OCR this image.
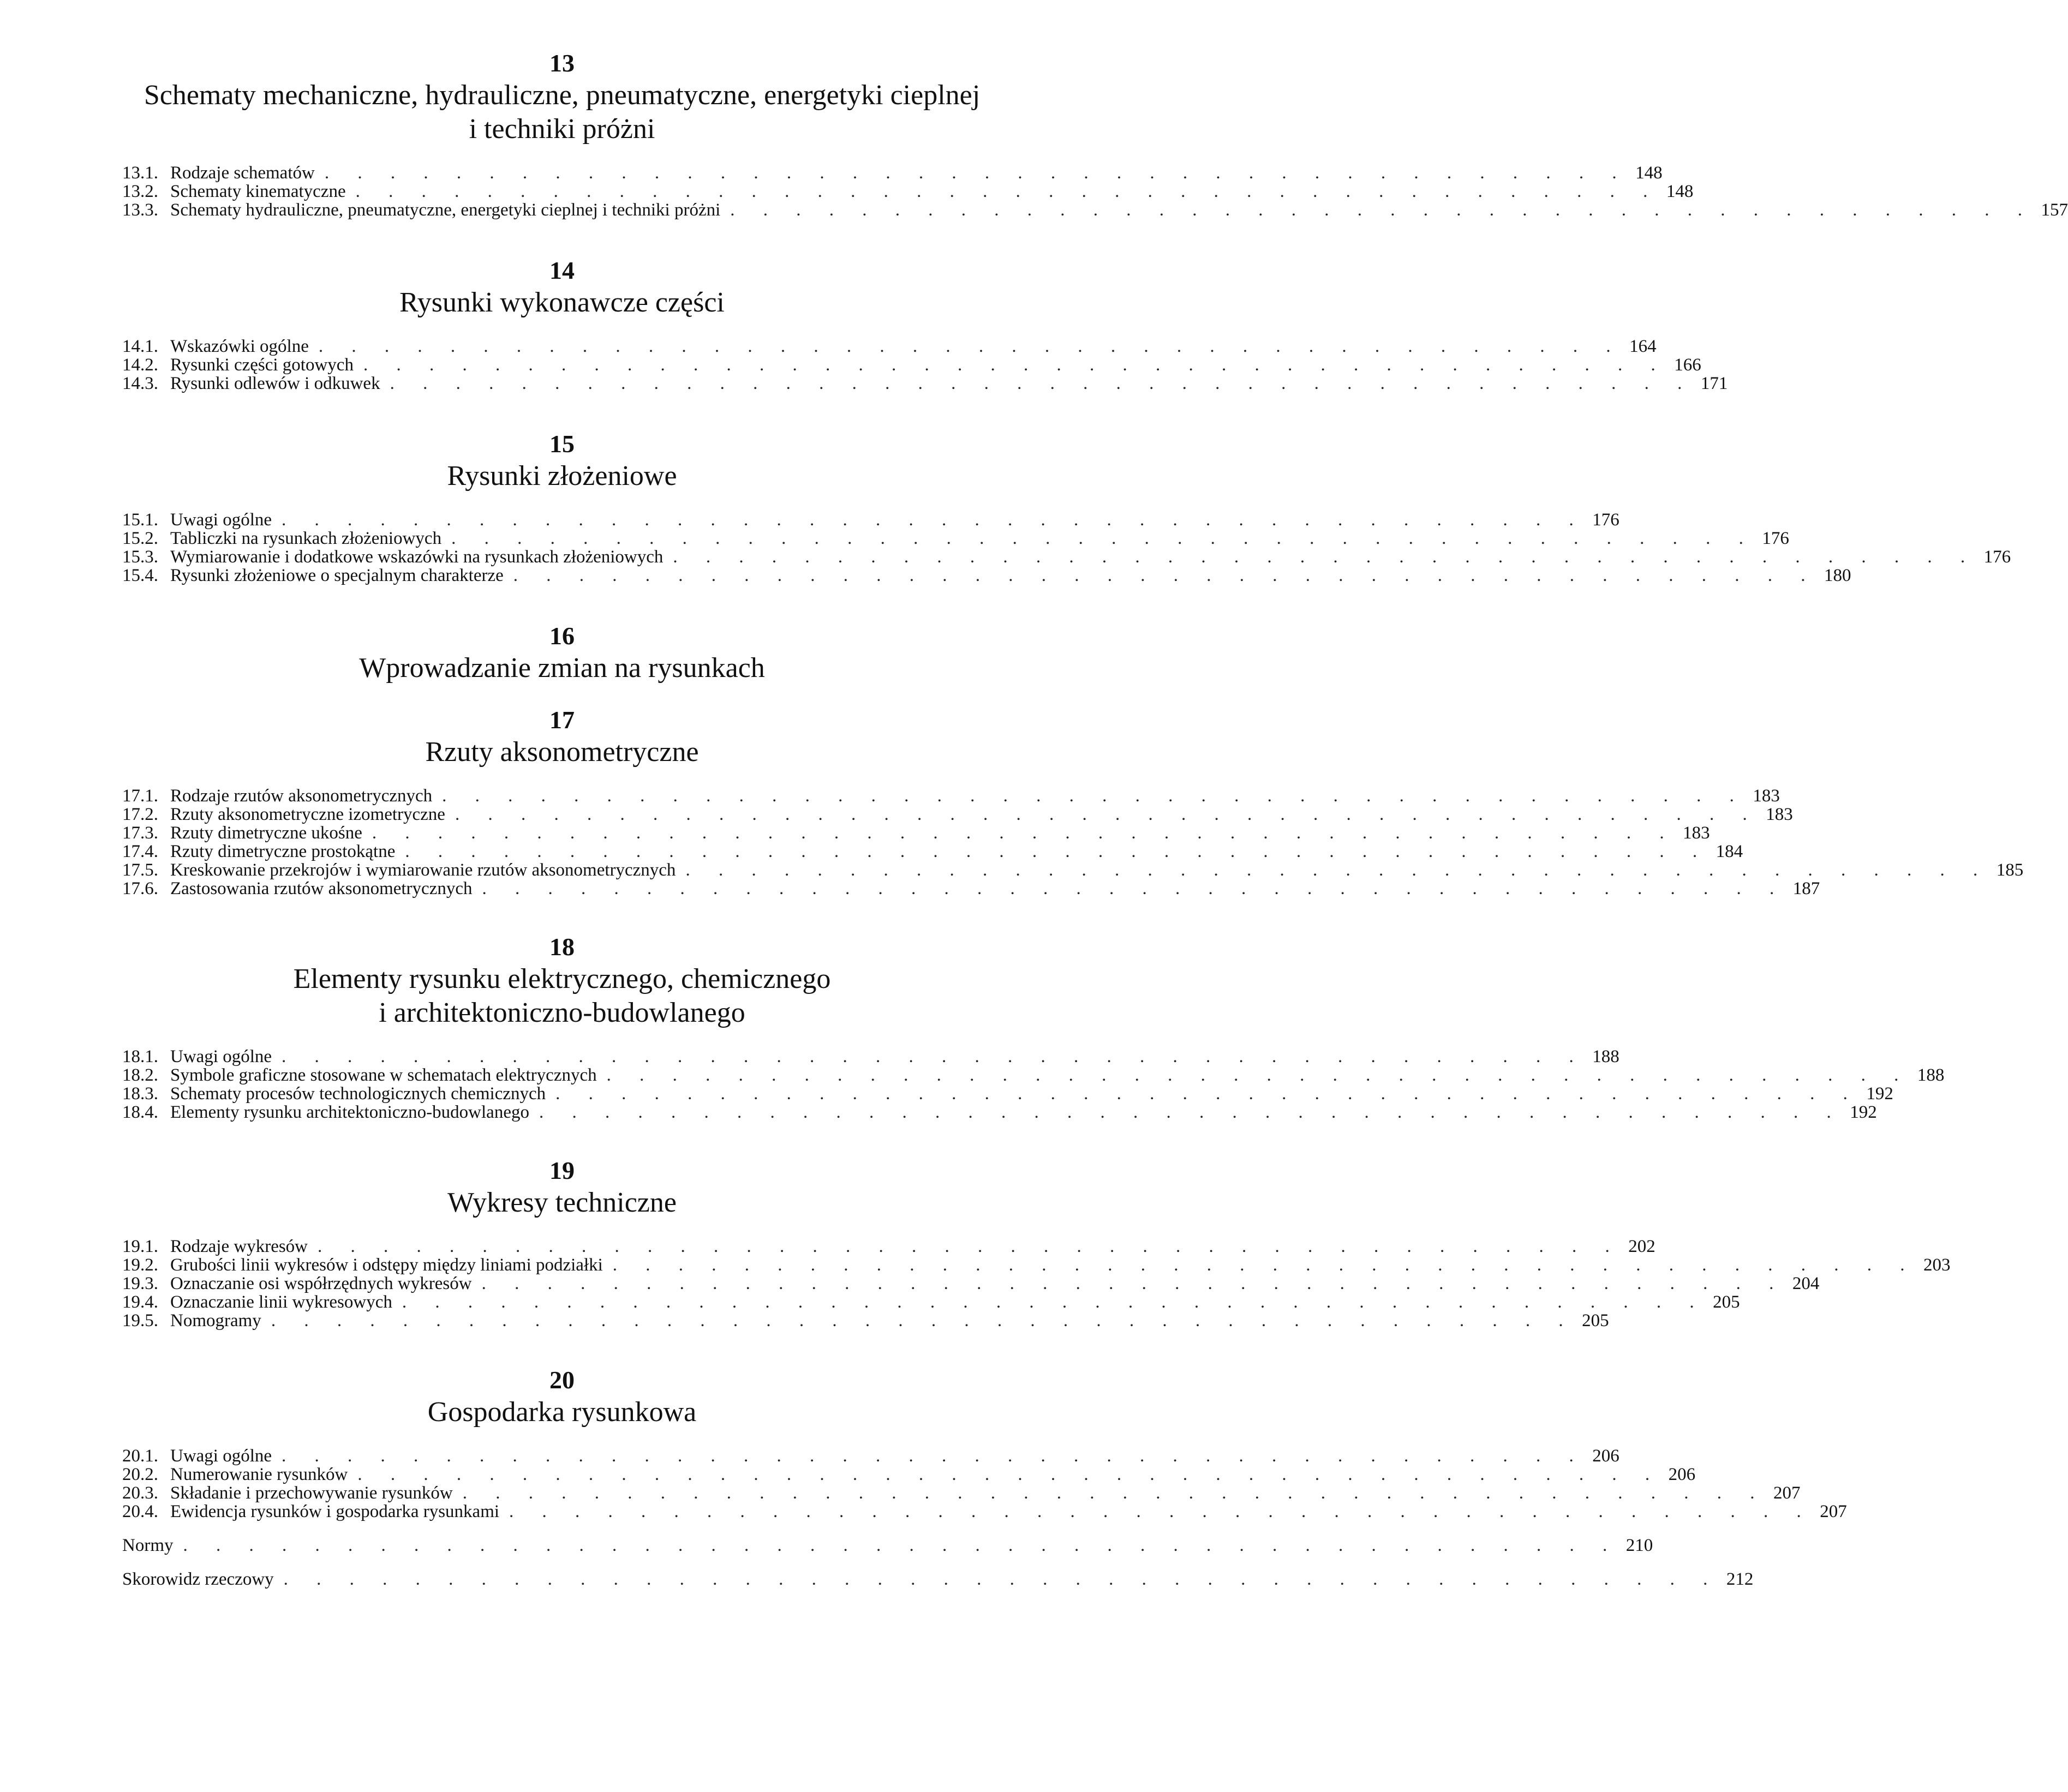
13
Schematy mechaniczne, hydrauliczne, pneumatyczne, energetyki cieplnej
i techniki próżni
13.1. Rodzaje schematów . . . . . . . . . . . . . . . . . . . . . . . . . . . . . . . . . . . . . . . . 148
13.2. Schematy kinematyczne . . . . . . . . . . . . . . . . . . . . . . . . . . . . . . . . . . . . . . . . 148
13.3. Schematy hydrauliczne, pneumatyczne, energetyki cieplnej i techniki próżni . . . . . . . . . . . . . . . . . . . . . . . . . . . . . . . . . . . . . . . . 157
14
Rysunki wykonawcze części
14.1. Wskazówki ogólne . . . . . . . . . . . . . . . . . . . . . . . . . . . . . . . . . . . . . . . . 164
14.2. Rysunki części gotowych . . . . . . . . . . . . . . . . . . . . . . . . . . . . . . . . . . . . . . . . 166
14.3. Rysunki odlewów i odkuwek . . . . . . . . . . . . . . . . . . . . . . . . . . . . . . . . . . . . . . . . 171
15
Rysunki złożeniowe
15.1. Uwagi ogólne . . . . . . . . . . . . . . . . . . . . . . . . . . . . . . . . . . . . . . . . 176
15.2. Tabliczki na rysunkach złożeniowych . . . . . . . . . . . . . . . . . . . . . . . . . . . . . . . . . . . . . . . . 176
15.3. Wymiarowanie i dodatkowe wskazówki na rysunkach złożeniowych . . . . . . . . . . . . . . . . . . . . . . . . . . . . . . . . . . . . . . . . 176
15.4. Rysunki złożeniowe o specjalnym charakterze . . . . . . . . . . . . . . . . . . . . . . . . . . . . . . . . . . . . . . . . 180
16
Wprowadzanie zmian na rysunkach
17
Rzuty aksonometryczne
17.1. Rodzaje rzutów aksonometrycznych . . . . . . . . . . . . . . . . . . . . . . . . . . . . . . . . . . . . . . . . 183
17.2. Rzuty aksonometryczne izometryczne . . . . . . . . . . . . . . . . . . . . . . . . . . . . . . . . . . . . . . . . 183
17.3. Rzuty dimetryczne ukośne . . . . . . . . . . . . . . . . . . . . . . . . . . . . . . . . . . . . . . . . 183
17.4. Rzuty dimetryczne prostokątne . . . . . . . . . . . . . . . . . . . . . . . . . . . . . . . . . . . . . . . . 184
17.5. Kreskowanie przekrojów i wymiarowanie rzutów aksonometrycznych . . . . . . . . . . . . . . . . . . . . . . . . . . . . . . . . . . . . . . . . 185
17.6. Zastosowania rzutów aksonometrycznych . . . . . . . . . . . . . . . . . . . . . . . . . . . . . . . . . . . . . . . . 187
18
Elementy rysunku elektrycznego, chemicznego
i architektoniczno-budowlanego
18.1. Uwagi ogólne . . . . . . . . . . . . . . . . . . . . . . . . . . . . . . . . . . . . . . . . 188
18.2. Symbole graficzne stosowane w schematach elektrycznych . . . . . . . . . . . . . . . . . . . . . . . . . . . . . . . . . . . . . . . . 188
18.3. Schematy procesów technologicznych chemicznych . . . . . . . . . . . . . . . . . . . . . . . . . . . . . . . . . . . . . . . . 192
18.4. Elementy rysunku architektoniczno-budowlanego . . . . . . . . . . . . . . . . . . . . . . . . . . . . . . . . . . . . . . . . 192
19
Wykresy techniczne
19.1. Rodzaje wykresów . . . . . . . . . . . . . . . . . . . . . . . . . . . . . . . . . . . . . . . . 202
19.2. Grubości linii wykresów i odstępy między liniami podziałki . . . . . . . . . . . . . . . . . . . . . . . . . . . . . . . . . . . . . . . . 203
19.3. Oznaczanie osi współrzędnych wykresów . . . . . . . . . . . . . . . . . . . . . . . . . . . . . . . . . . . . . . . . 204
19.4. Oznaczanie linii wykresowych . . . . . . . . . . . . . . . . . . . . . . . . . . . . . . . . . . . . . . . . 205
19.5. Nomogramy . . . . . . . . . . . . . . . . . . . . . . . . . . . . . . . . . . . . . . . . 205
20
Gospodarka rysunkowa
20.1. Uwagi ogólne . . . . . . . . . . . . . . . . . . . . . . . . . . . . . . . . . . . . . . . . 206
20.2. Numerowanie rysunków . . . . . . . . . . . . . . . . . . . . . . . . . . . . . . . . . . . . . . . . 206
20.3. Składanie i przechowywanie rysunków . . . . . . . . . . . . . . . . . . . . . . . . . . . . . . . . . . . . . . . . 207
20.4. Ewidencja rysunków i gospodarka rysunkami . . . . . . . . . . . . . . . . . . . . . . . . . . . . . . . . . . . . . . . . 207
Normy . . . . . . . . . . . . . . . . . . . . . . . . . . . . . . . . . . . . . . . . . . . . 210
Skorowidz rzeczowy . . . . . . . . . . . . . . . . . . . . . . . . . . . . . . . . . . . . . . . . . . . . 212
